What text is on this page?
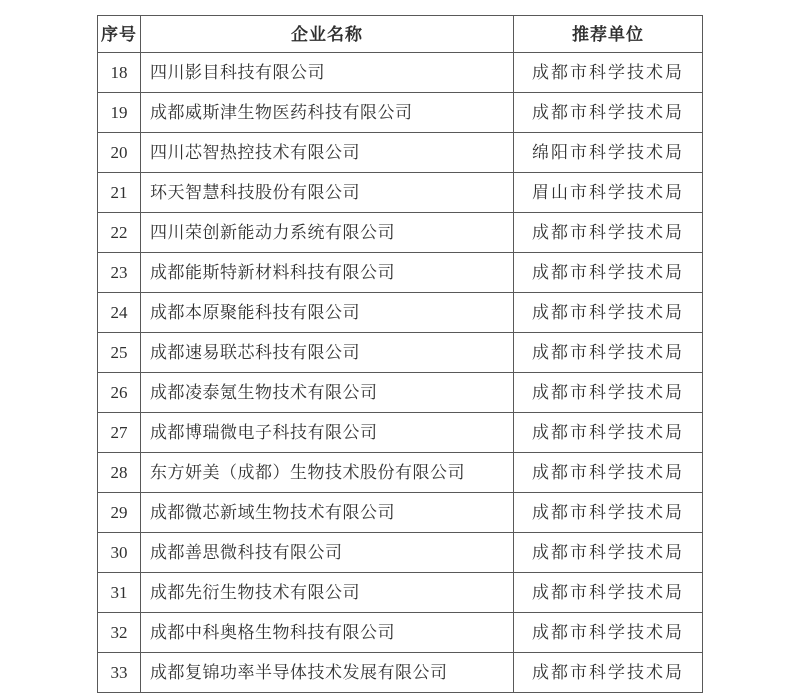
序号	企业名称	推荐单位
18	四川影目科技有限公司	成都市科学技术局
19	成都威斯津生物医药科技有限公司	成都市科学技术局
20	四川芯智热控技术有限公司	绵阳市科学技术局
21	环天智慧科技股份有限公司	眉山市科学技术局
22	四川荣创新能动力系统有限公司	成都市科学技术局
23	成都能斯特新材料科技有限公司	成都市科学技术局
24	成都本原聚能科技有限公司	成都市科学技术局
25	成都速易联芯科技有限公司	成都市科学技术局
26	成都凌泰氪生物技术有限公司	成都市科学技术局
27	成都博瑞微电子科技有限公司	成都市科学技术局
28	东方妍美（成都）生物技术股份有限公司	成都市科学技术局
29	成都微芯新域生物技术有限公司	成都市科学技术局
30	成都善思微科技有限公司	成都市科学技术局
31	成都先衍生物技术有限公司	成都市科学技术局
32	成都中科奥格生物科技有限公司	成都市科学技术局
33	成都复锦功率半导体技术发展有限公司	成都市科学技术局
